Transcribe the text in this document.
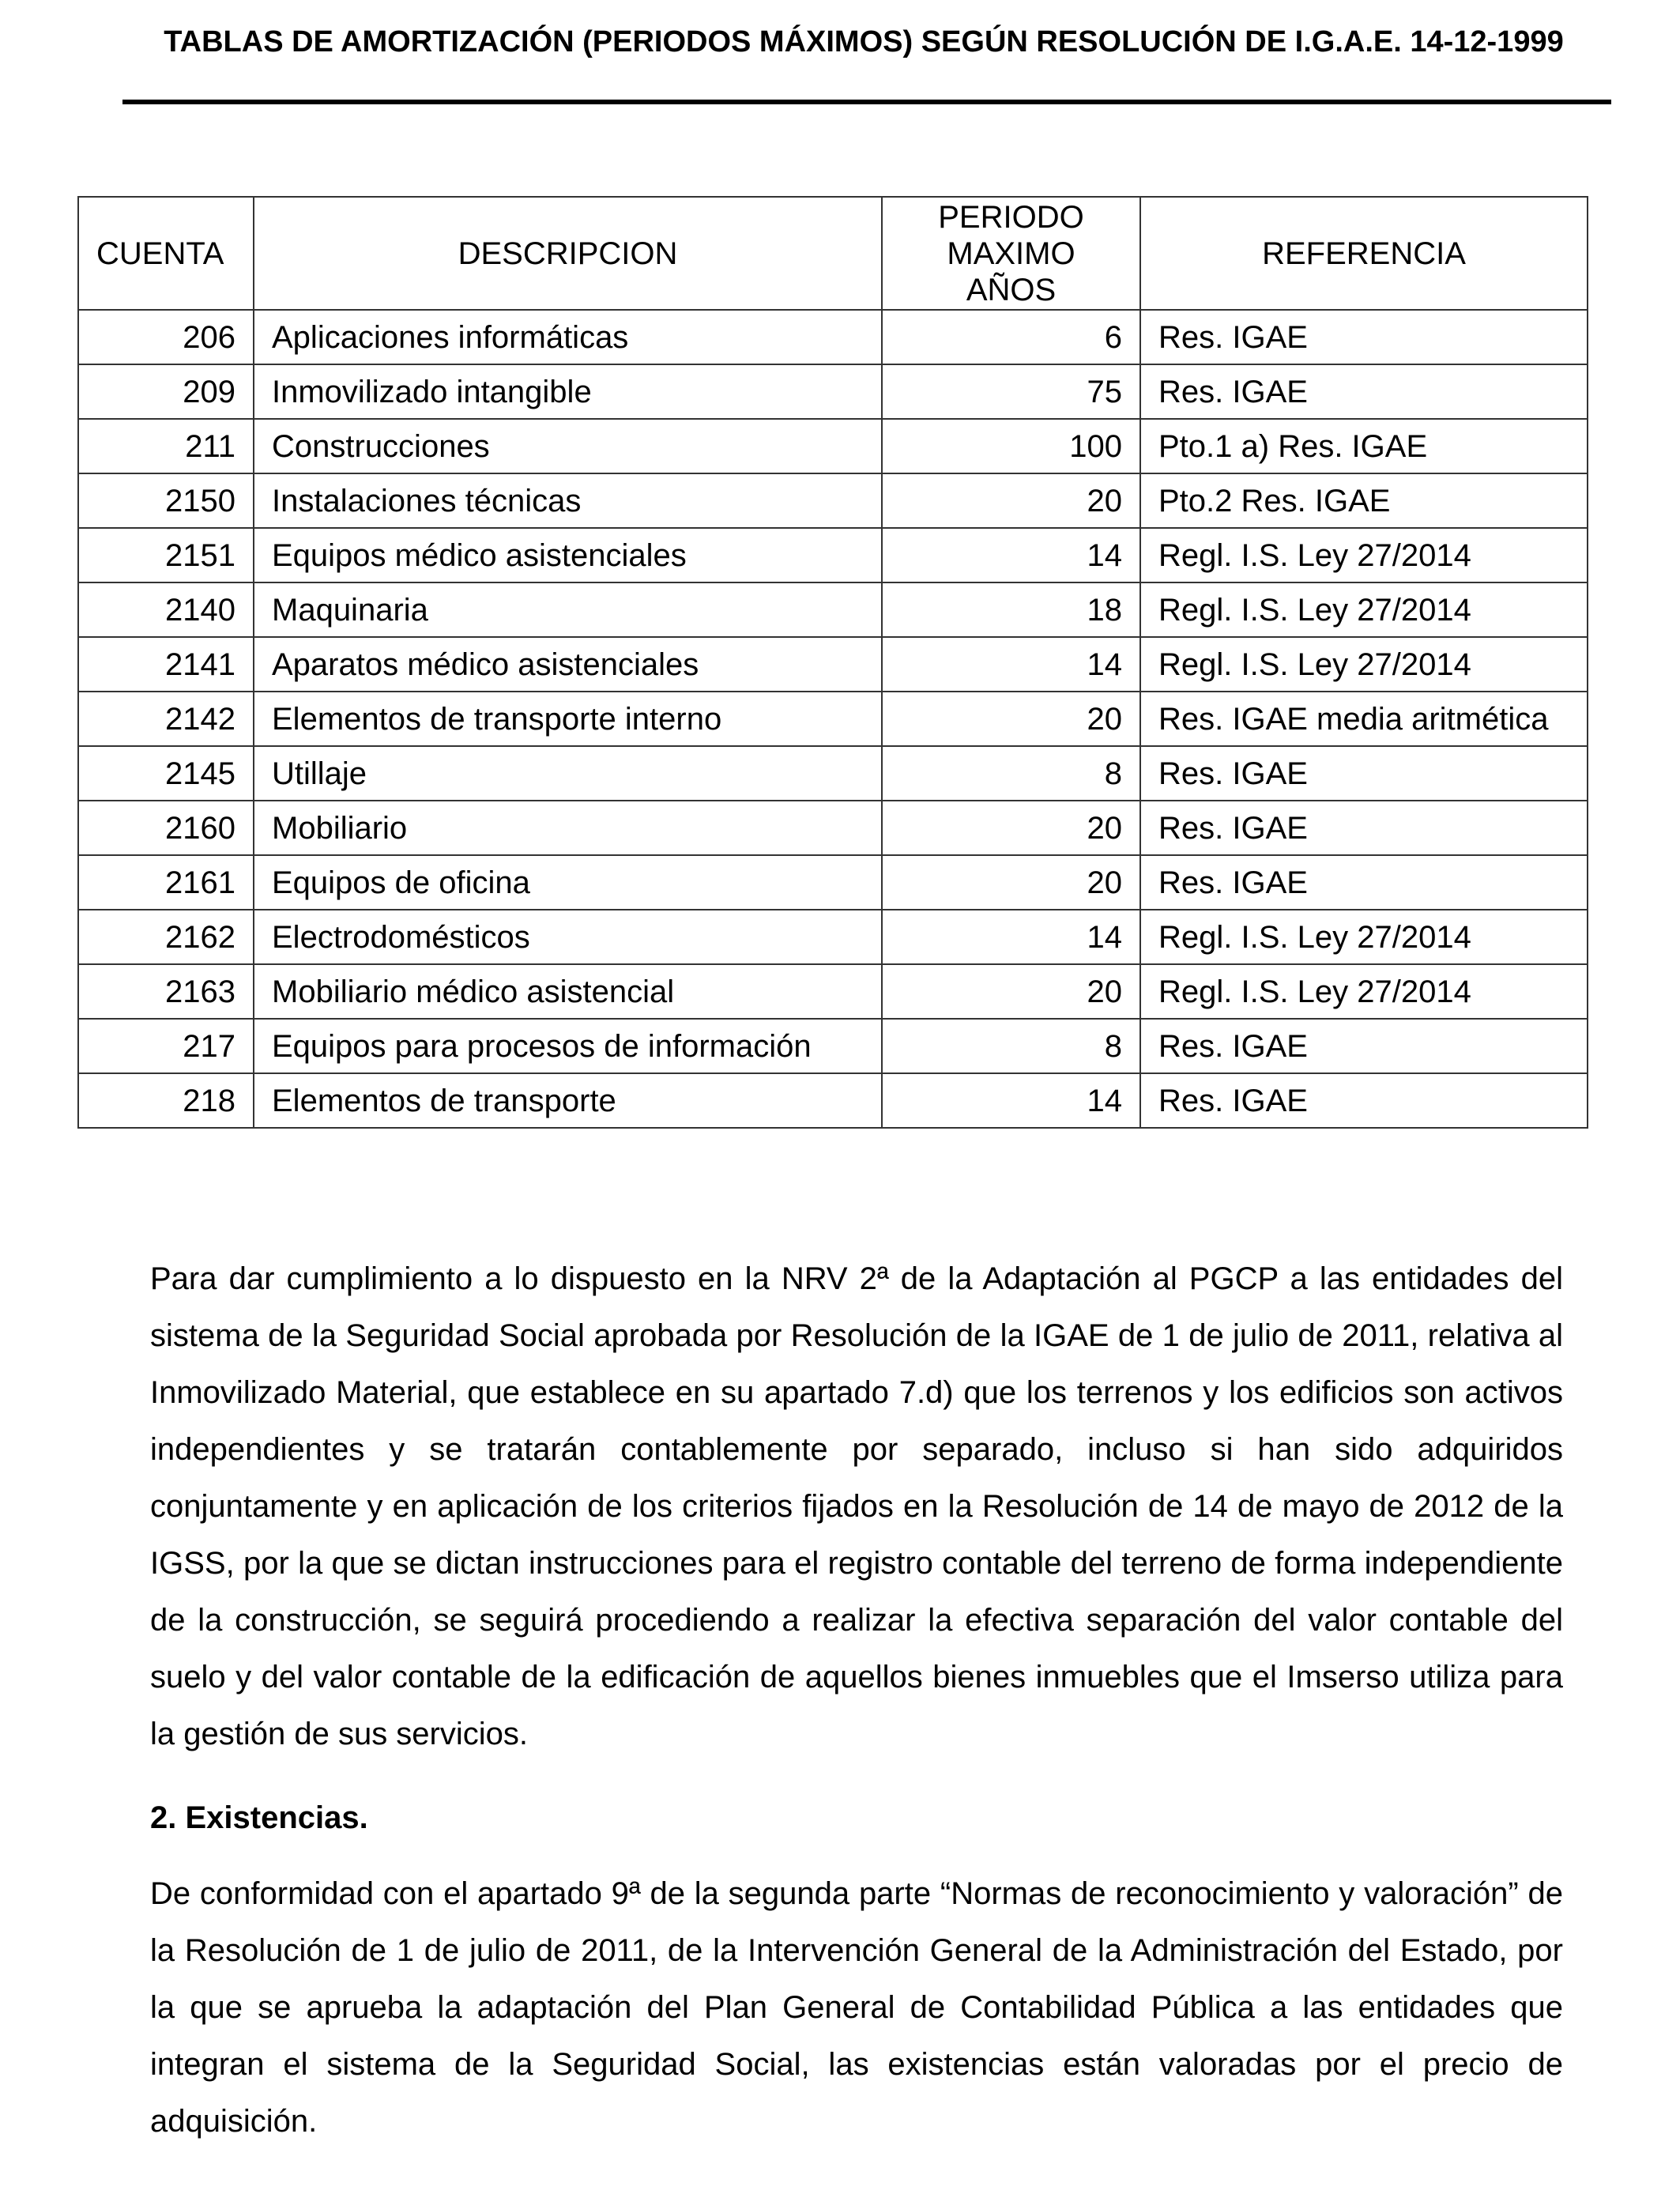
TABLAS DE AMORTIZACIÓN (PERIODOS MÁXIMOS) SEGÚN RESOLUCIÓN DE I.G.A.E. 14-12-1999
CUENTA	DESCRIPCION	PERIODO
MAXIMO
AÑOS	REFERENCIA
206	Aplicaciones informáticas	6	Res. IGAE
209	Inmovilizado intangible	75	Res. IGAE
211	Construcciones	100	Pto.1 a) Res. IGAE
2150	Instalaciones técnicas	20	Pto.2 Res. IGAE
2151	Equipos médico asistenciales	14	Regl. I.S. Ley 27/2014
2140	Maquinaria	18	Regl. I.S. Ley 27/2014
2141	Aparatos médico asistenciales	14	Regl. I.S. Ley 27/2014
2142	Elementos de transporte interno	20	Res. IGAE media aritmética
2145	Utillaje	8	Res. IGAE
2160	Mobiliario	20	Res. IGAE
2161	Equipos de oficina	20	Res. IGAE
2162	Electrodomésticos	14	Regl. I.S. Ley 27/2014
2163	Mobiliario médico asistencial	20	Regl. I.S. Ley 27/2014
217	Equipos para procesos de información	8	Res. IGAE
218	Elementos de transporte	14	Res. IGAE

Para dar cumplimiento a lo dispuesto en la NRV 2ª de la Adaptación al PGCP a las entidades del sistema de la Seguridad Social aprobada por Resolución de la IGAE de 1 de julio de 2011, relativa al Inmovilizado Material, que establece en su apartado 7.d) que los terrenos y los edificios son activos independientes y se tratarán contablemente por separado, incluso si han sido adquiridos conjuntamente y en aplicación de los criterios fijados en la Resolución de 14 de mayo de 2012 de la IGSS, por la que se dictan instrucciones para el registro contable del terreno de forma independiente de la construcción, se seguirá procediendo a realizar la efectiva separación del valor contable del suelo y del valor contable de la edificación de aquellos bienes inmuebles que el Imserso utiliza para la gestión de sus servicios.

2. Existencias.

De conformidad con el apartado 9ª de la segunda parte “Normas de reconocimiento y valoración” de la Resolución de 1 de julio de 2011, de la Intervención General de la Administración del Estado, por la que se aprueba la adaptación del Plan General de Contabilidad Pública a las entidades que integran el sistema de la Seguridad Social, las existencias están valoradas por el precio de adquisición.
